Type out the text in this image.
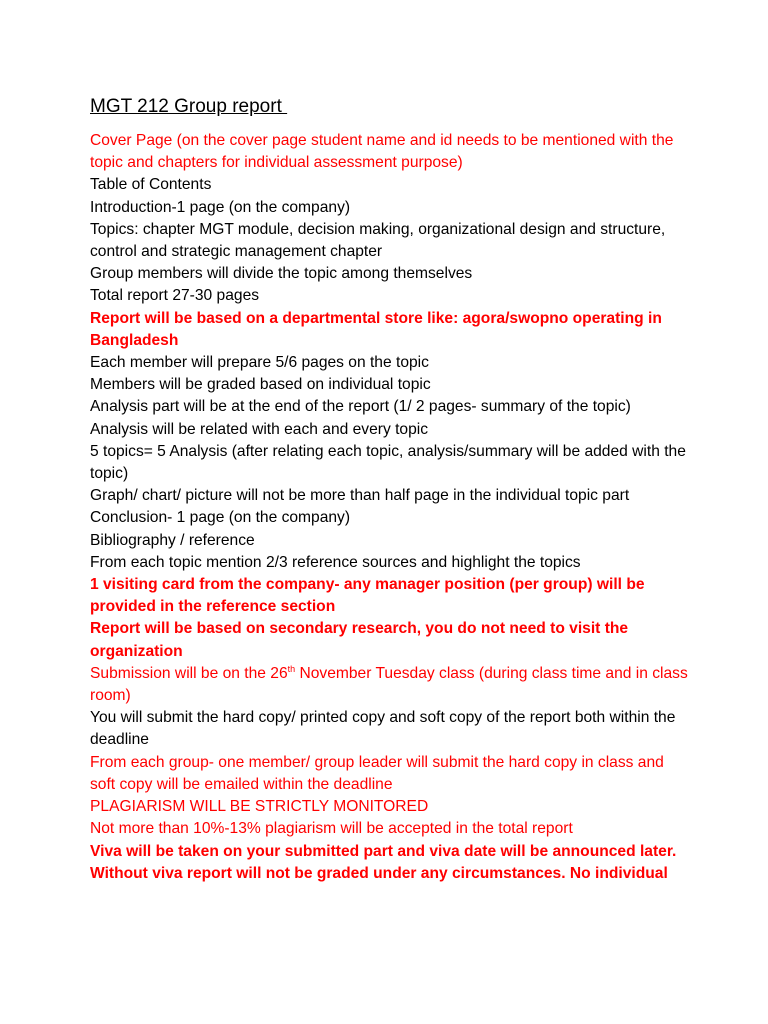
MGT 212 Group report

Cover Page (on the cover page student name and id needs to be mentioned with the topic and chapters for individual assessment purpose)

Table of Contents

Introduction-1 page (on the company)

Topics: chapter MGT module, decision making, organizational design and structure, control and strategic management chapter

Group members will divide the topic among themselves

Total report 27-30 pages

Report will be based on a departmental store like: agora/swopno operating in Bangladesh

Each member will prepare 5/6 pages on the topic

Members will be graded based on individual topic

Analysis part will be at the end of the report (1/ 2 pages- summary of the topic)

Analysis will be related with each and every topic

5 topics= 5 Analysis (after relating each topic, analysis/summary will be added with the topic)

Graph/ chart/ picture will not be more than half page in the individual topic part

Conclusion- 1 page (on the company)

Bibliography / reference

From each topic mention 2/3 reference sources and highlight the topics

1 visiting card from the company- any manager position (per group) will be provided in the reference section

Report will be based on secondary research, you do not need to visit the organization

Submission will be on the 26th November Tuesday class (during class time and in class room)

You will submit the hard copy/ printed copy and soft copy of the report both within the deadline

From each group- one member/ group leader will submit the hard copy in class and soft copy will be emailed within the deadline

PLAGIARISM WILL BE STRICTLY MONITORED

Not more than 10%-13% plagiarism will be accepted in the total report

Viva will be taken on your submitted part and viva date will be announced later.

Without viva report will not be graded under any circumstances. No individual
